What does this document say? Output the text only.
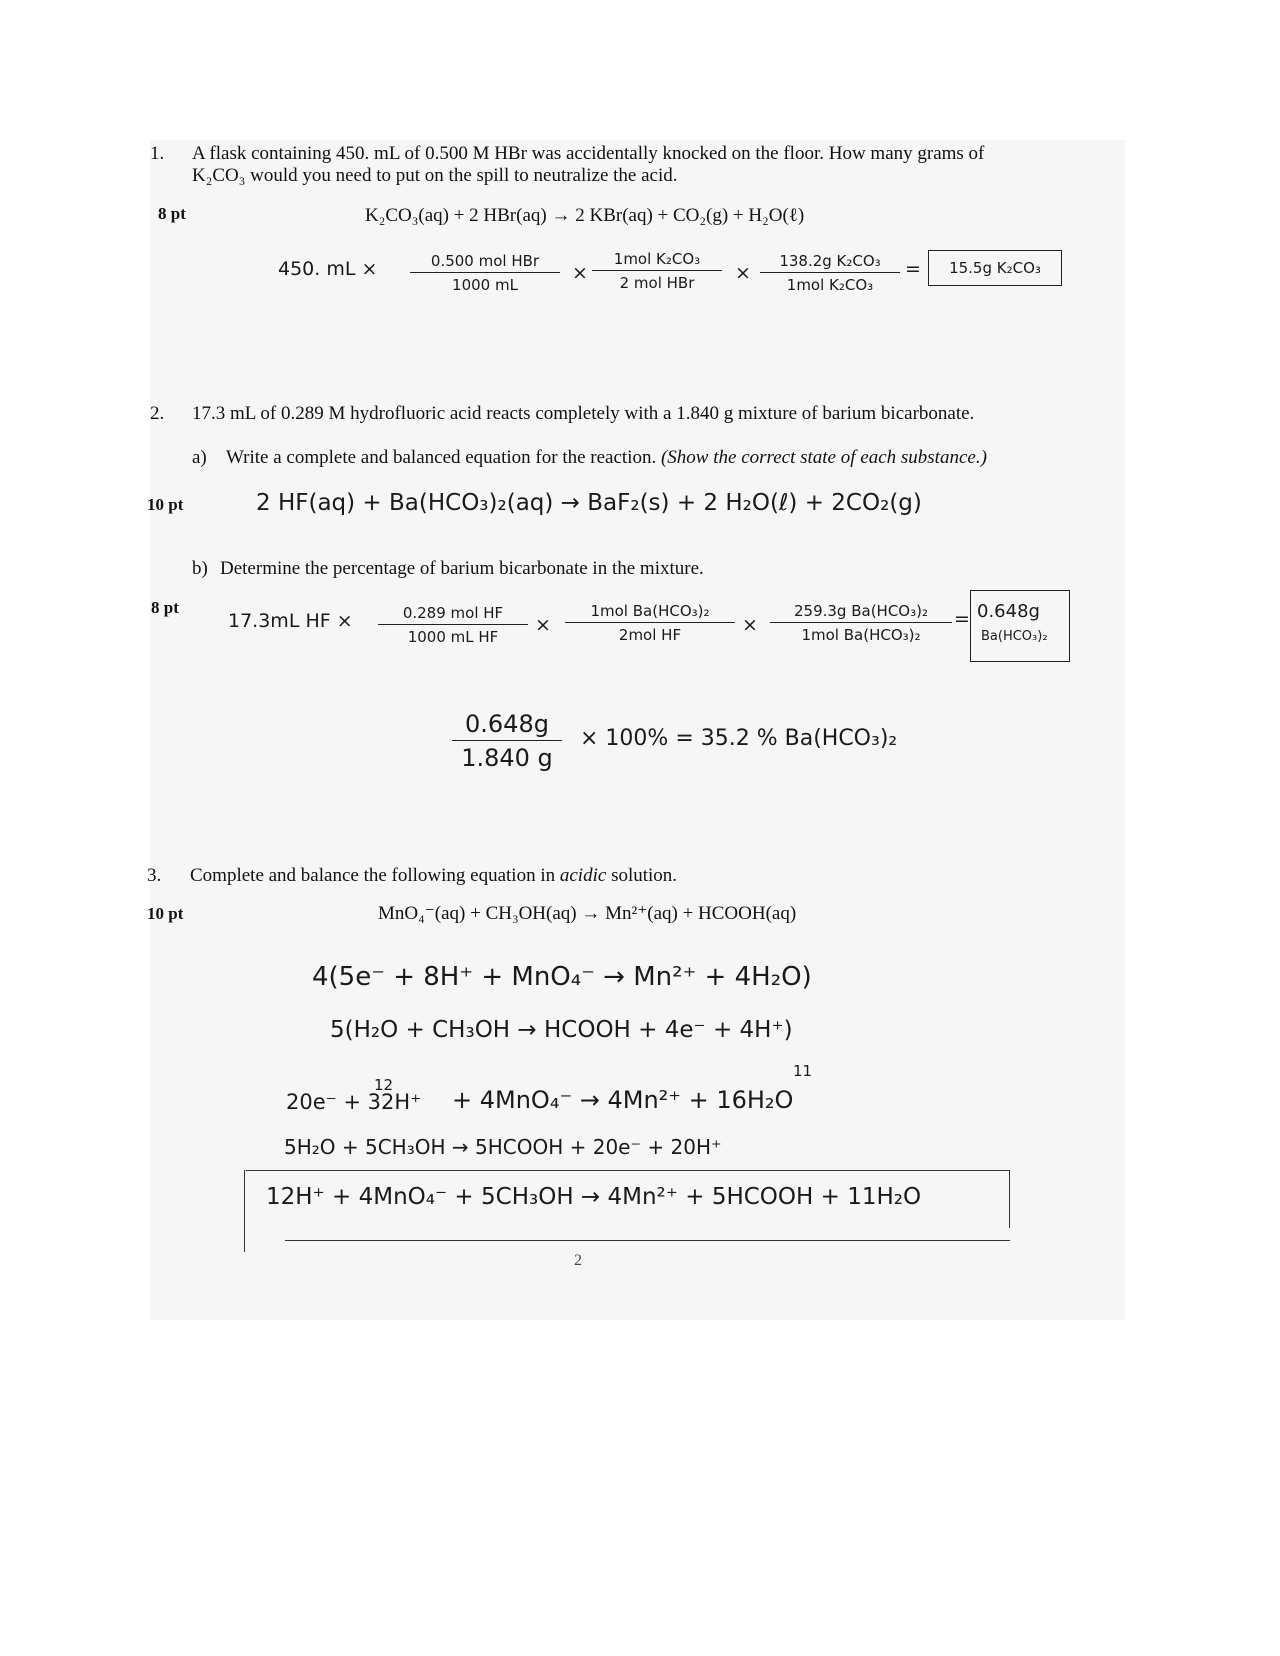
1. A flask containing 450. mL of 0.500 M HBr was accidentally knocked on the floor. How many grams of
K₂CO₃ would you need to put on the spill to neutralize the acid.
8 pt	K₂CO₃(aq) + 2 HBr(aq) → 2 KBr(aq) + CO₂(g) + H₂O(ℓ)
450. mL ×	0.500 mol HBr
1000 mL
×
1mol K₂CO₃
2 mol HBr	×
138.2g K₂CO₃
1mol K₂CO₃
=	15.5g K₂CO₃
2. 17.3 mL of 0.289 M hydrofluoric acid reacts completely with a 1.840 g mixture of barium bicarbonate.
a) Write a complete and balanced equation for the reaction. (Show the correct state of each substance.)
10 pt	2 HF(aq) + Ba(HCO₃)₂(aq) → BaF₂(s) + 2 H₂O(ℓ) + 2CO₂(g)
b) Determine the percentage of barium bicarbonate in the mixture.
8 pt
17.3mL HF ×	0.289 mol HF
1000 mL HF
×
1mol Ba(HCO₃)₂
2mol HF	×
259.3g Ba(HCO₃)₂
1mol Ba(HCO₃)₂
= 0.648g
Ba(HCO₃)₂
$\frac{0.648g}{1.840 g} \times 100\% = 35.2$ % Ba(HCO₃)₂
3. Complete and balance the following equation in acidic solution.
10 pt	MnO₄⁻(aq) + CH₃OH(aq) → Mn²⁺(aq) + HCOOH(aq)
4(5e⁻ + 8H⁺ + MnO₄⁻ → Mn²⁺ + 4H₂O)
5(H₂O + CH₃OH → HCOOH + 4e⁻ + 4H⁺)
11
12
20e⁻ + 32H⁺ + 4MnO₄⁻ → 4Mn²⁺ + 16H₂O
5H₂O + 5CH₃OH → 5HCOOH + 20e⁻ + 20H⁺
12H⁺ + 4MnO₄⁻ + 5CH₃OH → 4Mn²⁺ + 5HCOOH + 11H₂O
2
